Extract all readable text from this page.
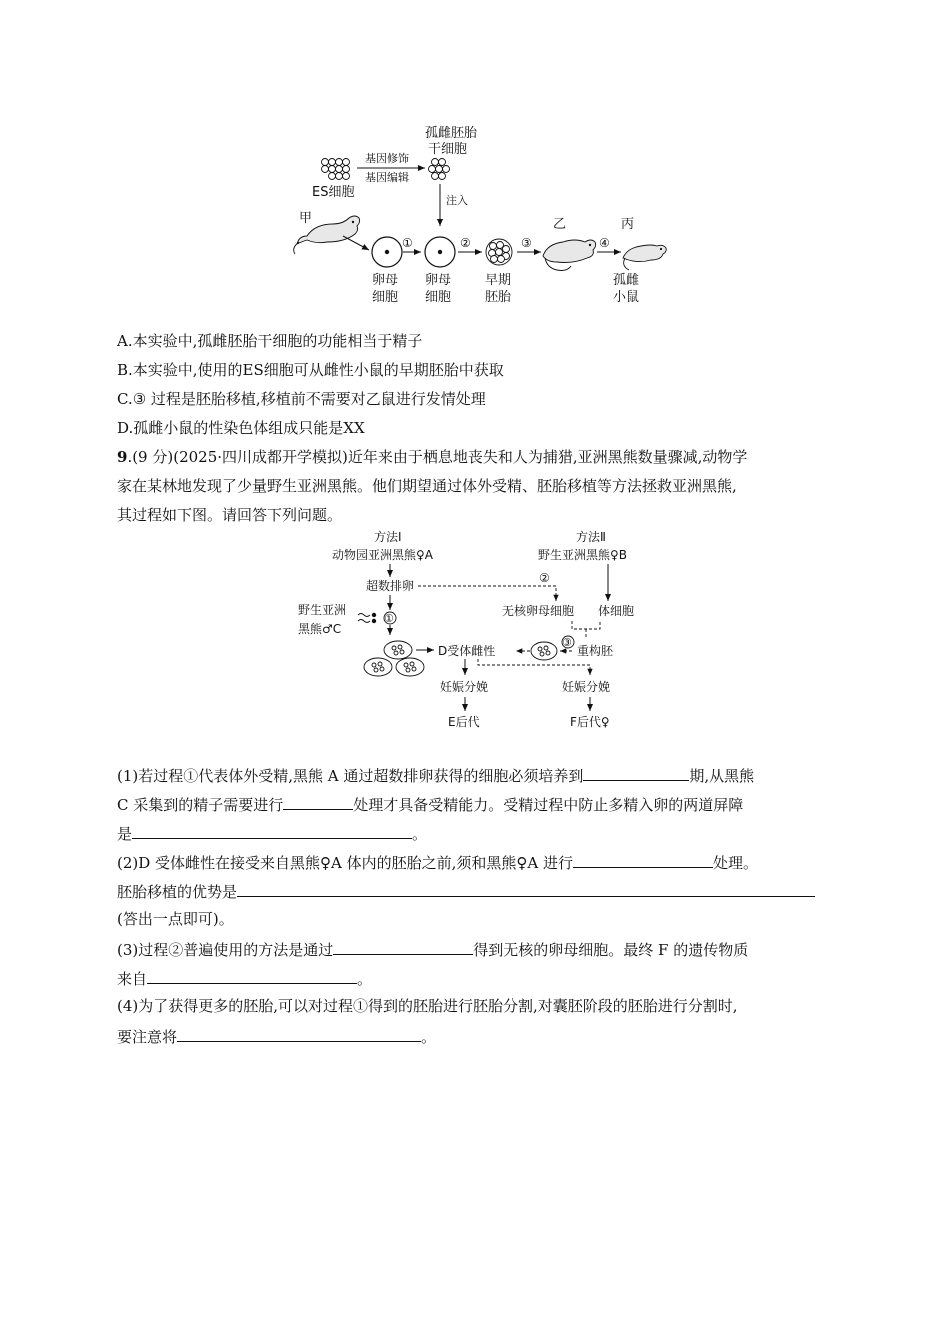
孤雌胚胎
干细胞
ES细胞
基因修饰
基因编辑
注入
甲
卵母
细胞
①
卵母
细胞
②
早期
胚胎
③
乙
④
丙
孤雌
小鼠
A.本实验中,孤雌胚胎干细胞的功能相当于精子
B.本实验中,使用的ES细胞可从雌性小鼠的早期胚胎中获取
C.③ 过程是胚胎移植,移植前不需要对乙鼠进行发情处理
D.孤雌小鼠的性染色体组成只能是XX
9.(9 分)(2025·四川成都开学模拟)近年来由于栖息地丧失和人为捕猎,亚洲黑熊数量骤减,动物学
家在某林地发现了少量野生亚洲黑熊。他们期望通过体外受精、胚胎移植等方法拯救亚洲黑熊,
其过程如下图。请回答下列问题。
方法Ⅰ
动物园亚洲黑熊♀A
方法Ⅱ
野生亚洲黑熊♀B
超数排卵
②
无核卵母细胞 体细胞
野生亚洲
黑熊♂C
①
D受体雌性
③
重构胚
妊娠分娩	妊娠分娩
E后代	F后代♀
(1)若过程①代表体外受精,黑熊 A 通过超数排卵获得的细胞必须培养到	期,从黑熊
C 采集到的精子需要进行	处理才具备受精能力。受精过程中防止多精入卵的两道屏障
是	。
(2)D 受体雌性在接受来自黑熊♀A 体内的胚胎之前,须和黑熊♀A 进行	处理。
胚胎移植的优势是
(答出一点即可)。
(3)过程②普遍使用的方法是通过	得到无核的卵母细胞。最终 F 的遗传物质
来自	。
(4)为了获得更多的胚胎,可以对过程①得到的胚胎进行胚胎分割,对囊胚阶段的胚胎进行分割时,
要注意将	。
